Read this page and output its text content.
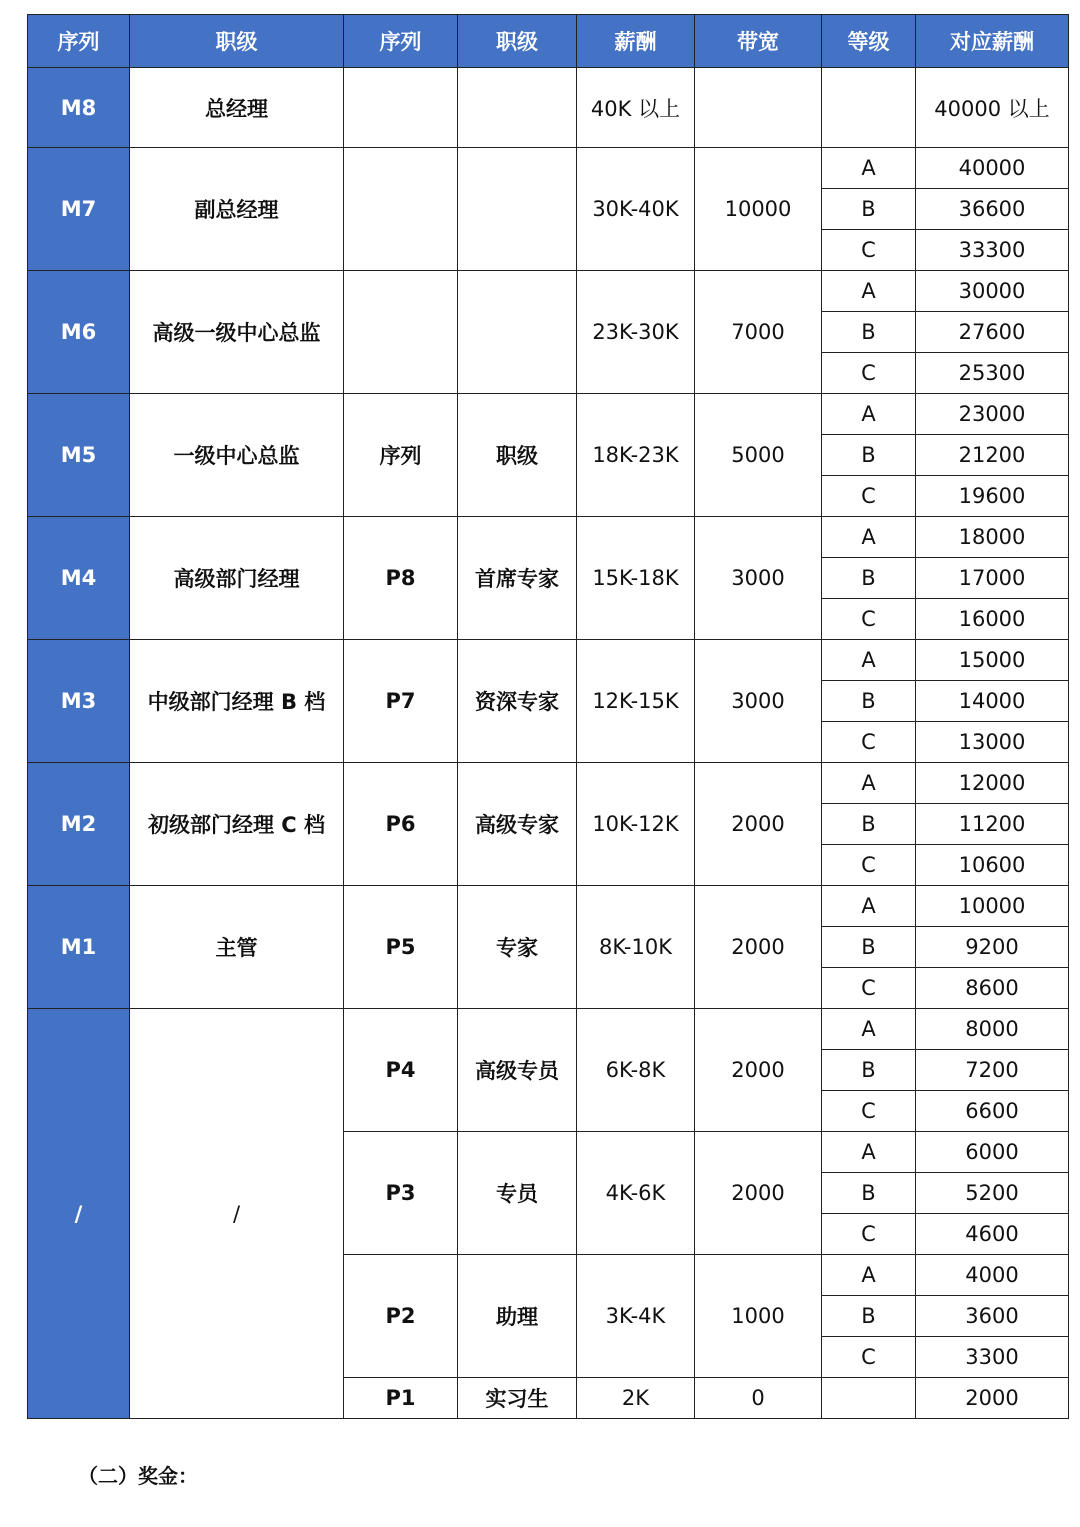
序列	职级	序列	职级	薪酬	带宽	等级	对应薪酬
M8	总经理			40K 以上			40000 以上
M7	副总经理			30K-40K	10000	A	40000
						B	36600
						C	33300
M6	高级一级中心总监			23K-30K	7000	A	30000
						B	27600
						C	25300
M5	一级中心总监	序列	职级	18K-23K	5000	A	23000
						B	21200
						C	19600
M4	高级部门经理	P8	首席专家	15K-18K	3000	A	18000
						B	17000
						C	16000
M3	中级部门经理 B 档	P7	资深专家	12K-15K	3000	A	15000
						B	14000
						C	13000
M2	初级部门经理 C 档	P6	高级专家	10K-12K	2000	A	12000
						B	11200
						C	10600
M1	主管	P5	专家	8K-10K	2000	A	10000
						B	9200
						C	8600
/	/	P4	高级专员	6K-8K	2000	A	8000
						B	7200
						C	6600
		P3	专员	4K-6K	2000	A	6000
						B	5200
						C	4600
		P2	助理	3K-4K	1000	A	4000
						B	3600
						C	3300
		P1	实习生	2K	0		2000
（二）奖金：
